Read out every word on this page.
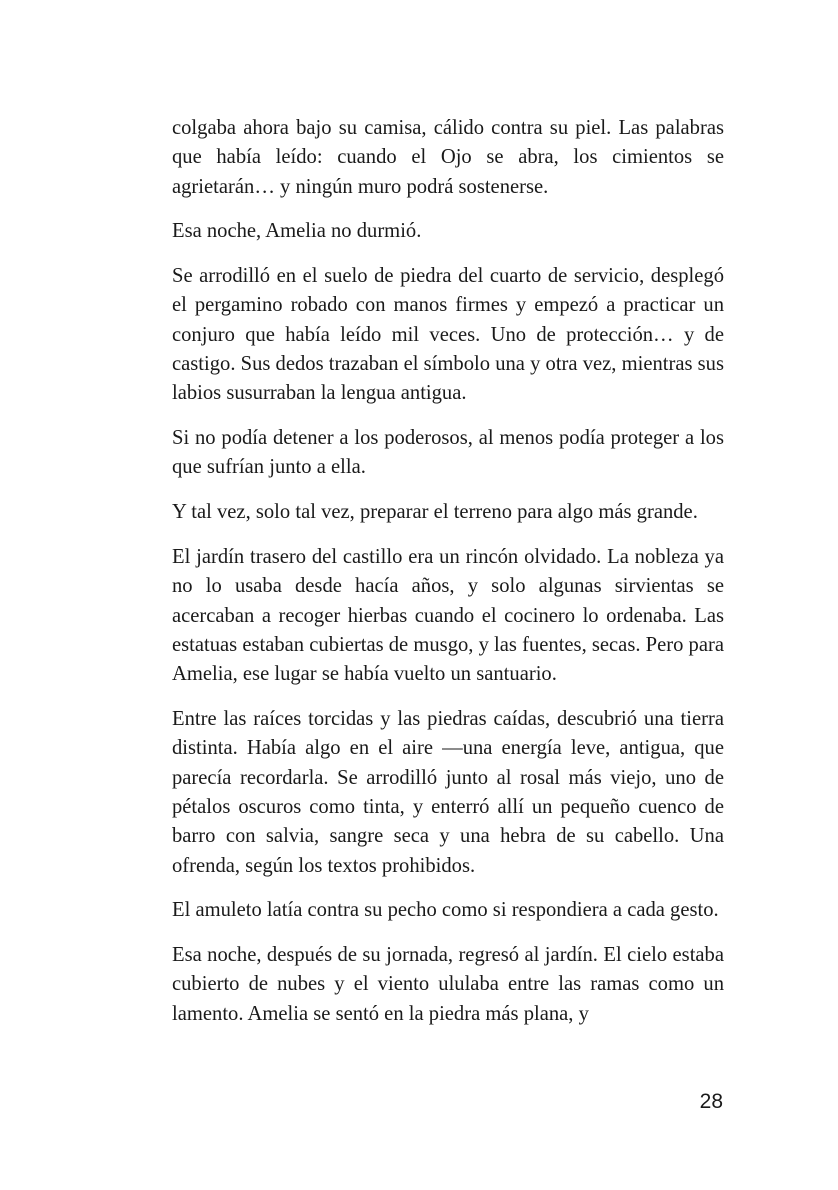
colgaba ahora bajo su camisa, cálido contra su piel. Las palabras que había leído: cuando el Ojo se abra, los cimientos se agrietarán… y ningún muro podrá sostenerse.

Esa noche, Amelia no durmió.

Se arrodilló en el suelo de piedra del cuarto de servicio, desplegó el pergamino robado con manos firmes y empezó a practicar un conjuro que había leído mil veces. Uno de protección… y de castigo. Sus dedos trazaban el símbolo una y otra vez, mientras sus labios susurraban la lengua antigua.

Si no podía detener a los poderosos, al menos podía proteger a los que sufrían junto a ella.

Y tal vez, solo tal vez, preparar el terreno para algo más grande.

El jardín trasero del castillo era un rincón olvidado. La nobleza ya no lo usaba desde hacía años, y solo algunas sirvientas se acercaban a recoger hierbas cuando el cocinero lo ordenaba. Las estatuas estaban cubiertas de musgo, y las fuentes, secas. Pero para Amelia, ese lugar se había vuelto un santuario.

Entre las raíces torcidas y las piedras caídas, descubrió una tierra distinta. Había algo en el aire —una energía leve, antigua, que parecía recordarla. Se arrodilló junto al rosal más viejo, uno de pétalos oscuros como tinta, y enterró allí un pequeño cuenco de barro con salvia, sangre seca y una hebra de su cabello. Una ofrenda, según los textos prohibidos.

El amuleto latía contra su pecho como si respondiera a cada gesto.

Esa noche, después de su jornada, regresó al jardín. El cielo estaba cubierto de nubes y el viento ululaba entre las ramas como un lamento. Amelia se sentó en la piedra más plana, y

28
